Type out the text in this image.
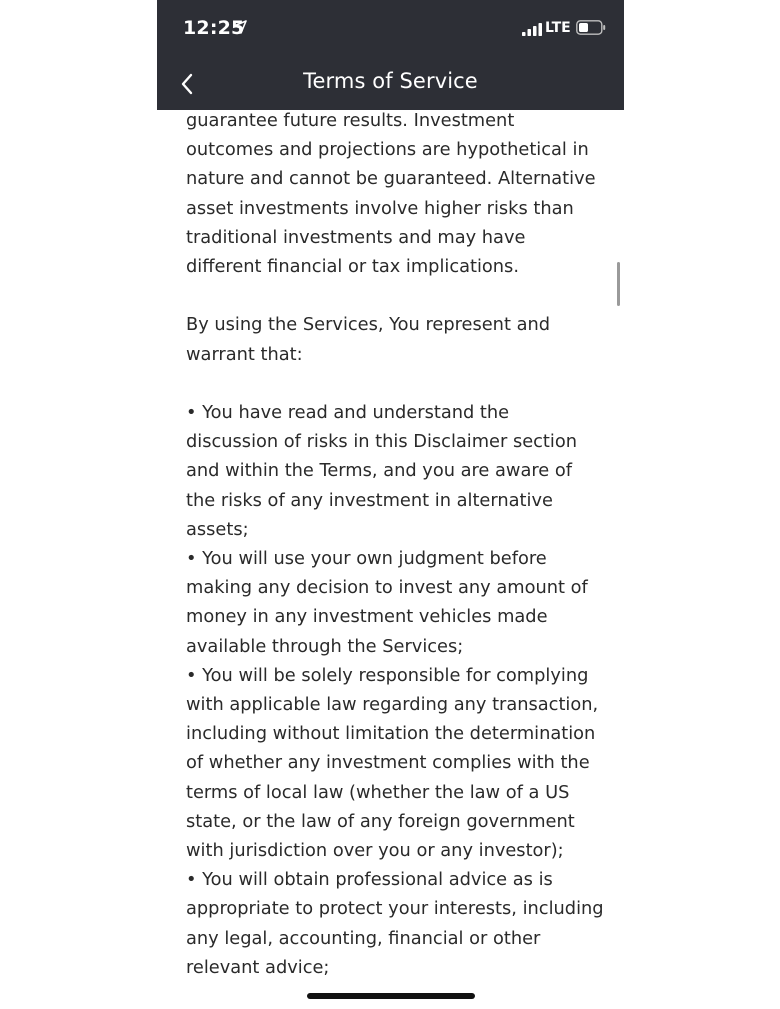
12:25	LTE
Terms of Service

guarantee future results. Investment outcomes and projections are hypothetical in nature and cannot be guaranteed. Alternative asset investments involve higher risks than traditional investments and may have different financial or tax implications.

By using the Services, You represent and warrant that:

• You have read and understand the discussion of risks in this Disclaimer section and within the Terms, and you are aware of the risks of any investment in alternative assets;

• You will use your own judgment before making any decision to invest any amount of money in any investment vehicles made available through the Services;

• You will be solely responsible for complying with applicable law regarding any transaction, including without limitation the determination of whether any investment complies with the terms of local law (whether the law of a US state, or the law of any foreign government with jurisdiction over you or any investor);

• You will obtain professional advice as is appropriate to protect your interests, including any legal, accounting, financial or other relevant advice;
